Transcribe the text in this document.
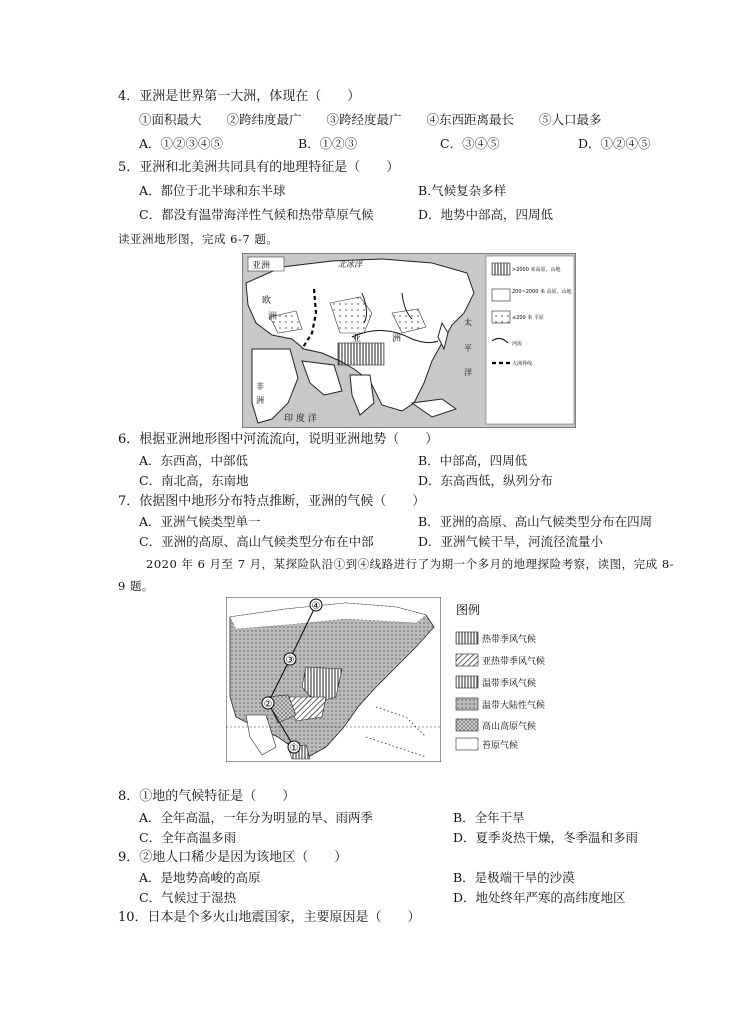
4．亚洲是世界第一大洲，体现在（　　）
①面积最大　　②跨纬度最广　　③跨经度最广　　④东西距离最长　　⑤人口最多
A．①②③④⑤	B．①②③	C．③④⑤	D．①②④⑤
5．亚洲和北美洲共同具有的地理特征是（　　）
A．都位于北半球和东半球	B.气候复杂多样
C．都没有温带海洋性气候和热带草原气候	D．地势中部高，四周低
读亚洲地形图，完成 6-7 题。
亚洲	北冰洋
欧
洲
亚	洲
太
平
洋
非
洲
印 度 洋
>2000 米高原、山地
200~2000 米 高原、山地
≤200 米 平原
河流
大洲界线
6．根据亚洲地形图中河流流向，说明亚洲地势（　　）
A．东西高，中部低	B．中部高，四周低
C．南北高，东南地	D．东高西低，纵列分布
7．依据图中地形分布特点推断，亚洲的气候（　　）
A．亚洲气候类型单一	B．亚洲的高原、高山气候类型分布在四周
C．亚洲的高原、高山气候类型分布在中部	D．亚洲气候干旱，河流径流量小
2020 年 6 月至 7 月，某探险队沿①到④线路进行了为期一个多月的地理探险考察，读图，完成 8-9 题。
①
②
③
④	图例
热带季风气候
亚热带季风气候
温带季风气候
温带大陆性气候
高山高原气候
苔原气候
8．①地的气候特征是（　　）
A．全年高温，一年分为明显的旱、雨两季	B．全年干旱
C．全年高温多雨	D．夏季炎热干燥，冬季温和多雨
9．②地人口稀少是因为该地区（　　）
A．是地势高峻的高原	B．是极端干旱的沙漠
C．气候过于湿热	D．地处终年严寒的高纬度地区
10．日本是个多火山地震国家，主要原因是（　　）
